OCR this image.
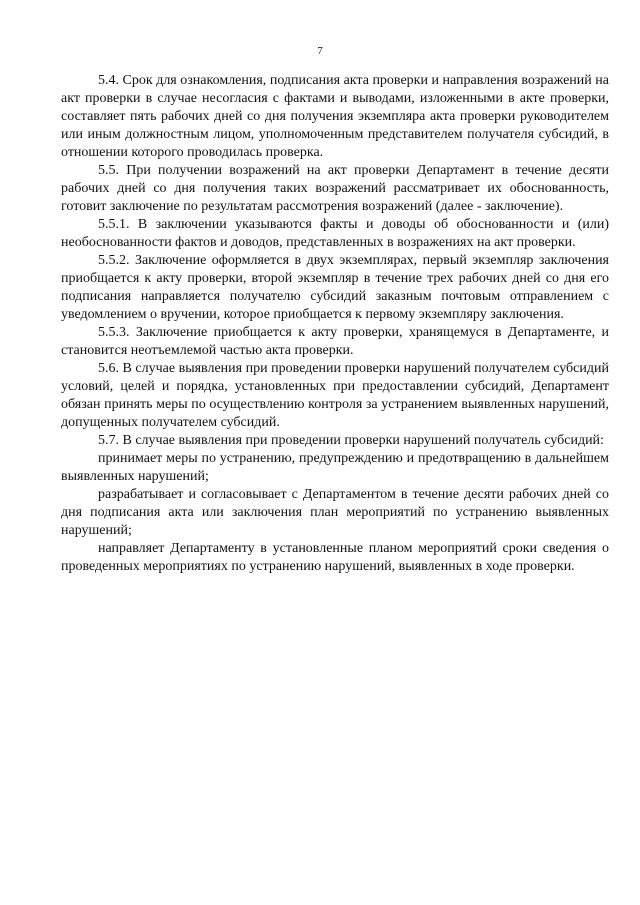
7

5.4. Срок для ознакомления, подписания акта проверки и направления возражений на акт проверки в случае несогласия с фактами и выводами, изложенными в акте проверки, составляет пять рабочих дней со дня получения экземпляра акта проверки руководителем или иным должностным лицом, уполномоченным представителем получателя субсидий, в отношении которого проводилась проверка.

5.5. При получении возражений на акт проверки Департамент в течение десяти рабочих дней со дня получения таких возражений рассматривает их обоснованность, готовит заключение по результатам рассмотрения возражений (далее - заключение).

5.5.1. В заключении указываются факты и доводы об обоснованности и (или) необоснованности фактов и доводов, представленных в возражениях на акт проверки.

5.5.2. Заключение оформляется в двух экземплярах, первый экземпляр заключения приобщается к акту проверки, второй экземпляр в течение трех рабочих дней со дня его подписания направляется получателю субсидий заказным почтовым отправлением с уведомлением о вручении, которое приобщается к первому экземпляру заключения.

5.5.3. Заключение приобщается к акту проверки, хранящемуся в Департаменте, и становится неотъемлемой частью акта проверки.

5.6. В случае выявления при проведении проверки нарушений получателем субсидий условий, целей и порядка, установленных при предоставлении субсидий, Департамент обязан принять меры по осуществлению контроля за устранением выявленных нарушений, допущенных получателем субсидий.

5.7. В случае выявления при проведении проверки нарушений получатель субсидий:

принимает меры по устранению, предупреждению и предотвращению в дальнейшем выявленных нарушений;

разрабатывает и согласовывает с Департаментом в течение десяти рабочих дней со дня подписания акта или заключения план мероприятий по устранению выявленных нарушений;

направляет Департаменту в установленные планом мероприятий сроки сведения о проведенных мероприятиях по устранению нарушений, выявленных в ходе проверки.
